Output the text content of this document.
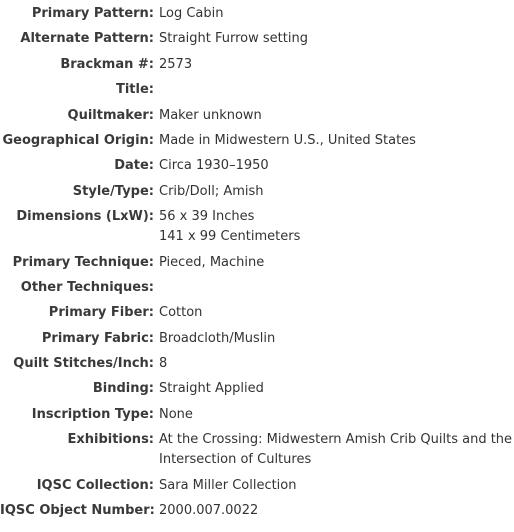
Primary Pattern: Log Cabin
Alternate Pattern: Straight Furrow setting
Brackman #: 2573
Title:
Quiltmaker: Maker unknown
Geographical Origin: Made in Midwestern U.S., United States
Date: Circa 1930–1950
Style/Type: Crib/Doll; Amish
Dimensions (LxW): 56 x 39 Inches
141 x 99 Centimeters
Primary Technique: Pieced, Machine
Other Techniques:
Primary Fiber: Cotton
Primary Fabric: Broadcloth/Muslin
Quilt Stitches/Inch: 8
Binding: Straight Applied
Inscription Type: None
Exhibitions: At the Crossing: Midwestern Amish Crib Quilts and the
Intersection of Cultures
IQSC Collection: Sara Miller Collection
IQSC Object Number: 2000.007.0022
